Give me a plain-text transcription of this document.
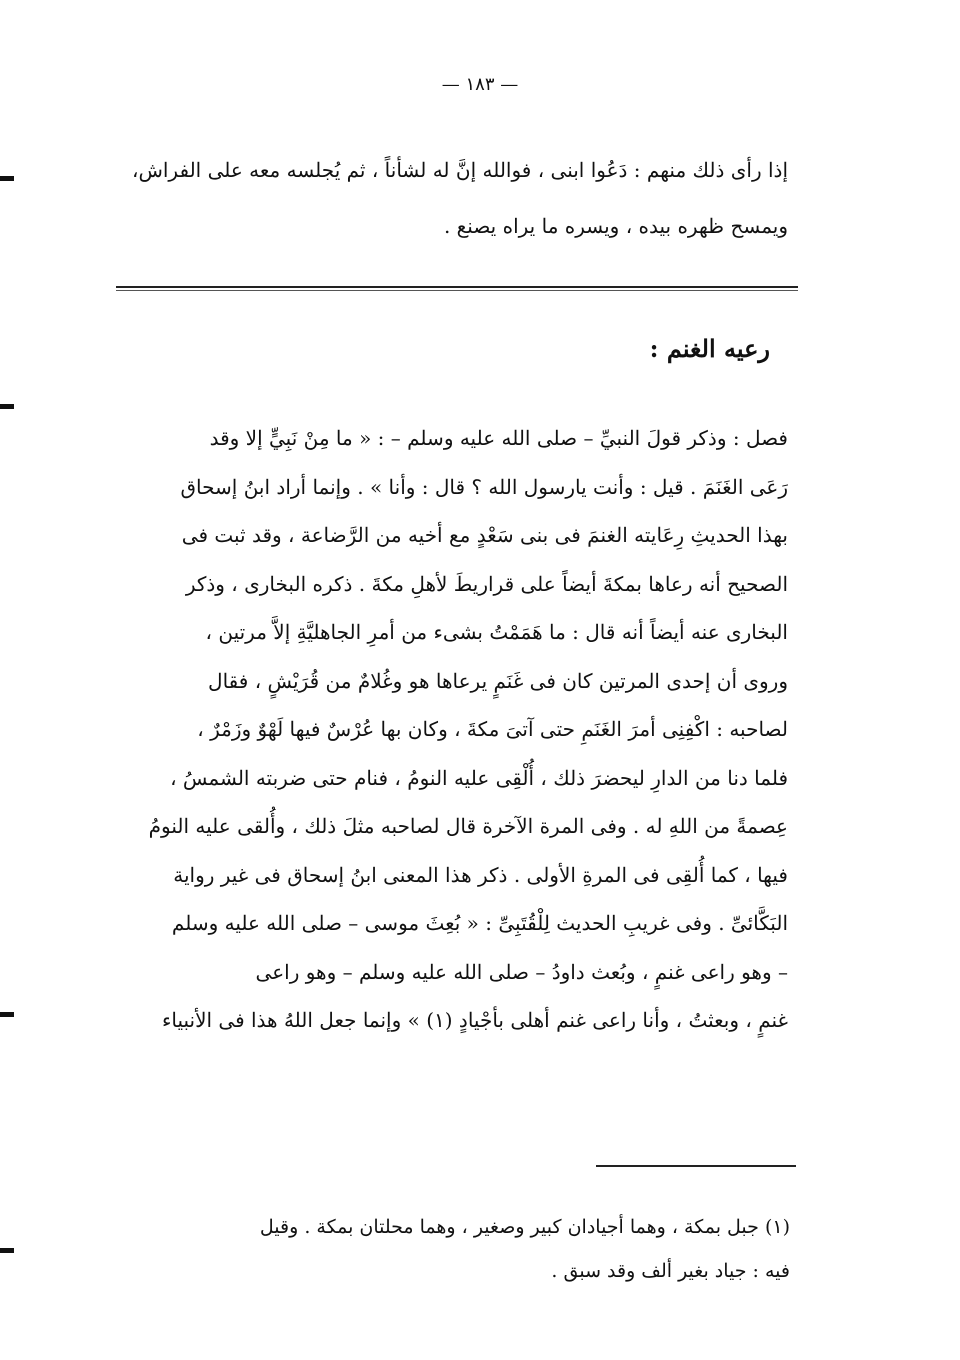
— ١٨٣ —
إذا رأى ذلك منهم : دَعُوا ابنى ، فوالله إنَّ له لشأناً ، ثم يُجلسه معه على الفراش،
ويمسح ظهره بيده ، ويسره ما يراه يصنع .
رعيه الغنم :
فصل : وذكر قولَ النبيِّ – صلى الله عليه وسلم – : « ما مِنْ نَبِيٍّ إلا وقد
رَعَى الغَنَمَ . قيل : وأنت يارسول الله ؟ قال : وأنا » . وإنما أراد ابنُ إسحاق
بهذا الحديثِ رِعَايته الغنمَ فى بنى سَعْدٍ مع أخيه من الرَّضاعة ، وقد ثبت فى
الصحيح أنه رعاها بمكةَ أيضاً على قراريطَ لأهلِ مكةَ . ذكره البخارى ، وذكر
البخارى عنه أيضاً أنه قال : ما هَمَمْتُ بشىء من أمرِ الجاهليَّةِ إلاَّ مرتين ،
وروى أن إحدى المرتين كان فى غَنَمٍ يرعاها هو وغُلامٌ من قُرَيْشٍ ، فقال
لصاحبه : اكْفِنِى أمرَ الغَنَمِ حتى آتىَ مكةَ ، وكان بها عُرْسٌ فيها لَهْوٌ وزَمْرٌ ،
فلما دنا من الدارِ ليحضرَ ذلك ، أُلْقِى عليه النومُ ، فنام حتى ضربته الشمسُ ،
عِصمةً من اللهِ له . وفى المرة الآخرة قال لصاحبه مثلَ ذلك ، وأُلقى عليه النومُ
فيها ، كما أُلقِى فى المرةِ الأولى . ذكر هذا المعنى ابنُ إسحاق فى غير رواية
البَكَّائىِّ . وفى غريبِ الحديث لِلْقُتَبِىِّ : « بُعِثَ موسى – صلى الله عليه وسلم
– وهو راعى غنمٍ ، وبُعث داودُ – صلى الله عليه وسلم – وهو راعى
غنمٍ ، وبعثتُ ، وأنا راعى غنم أهلى بأجْيادٍ (١) » وإنما جعل اللهُ هذا فى الأنبياء
(١) جبل بمكة ، وهما أجيادان كبير وصغير ، وهما محلتان بمكة . وقيل
فيه : جياد بغير ألف وقد سبق .
